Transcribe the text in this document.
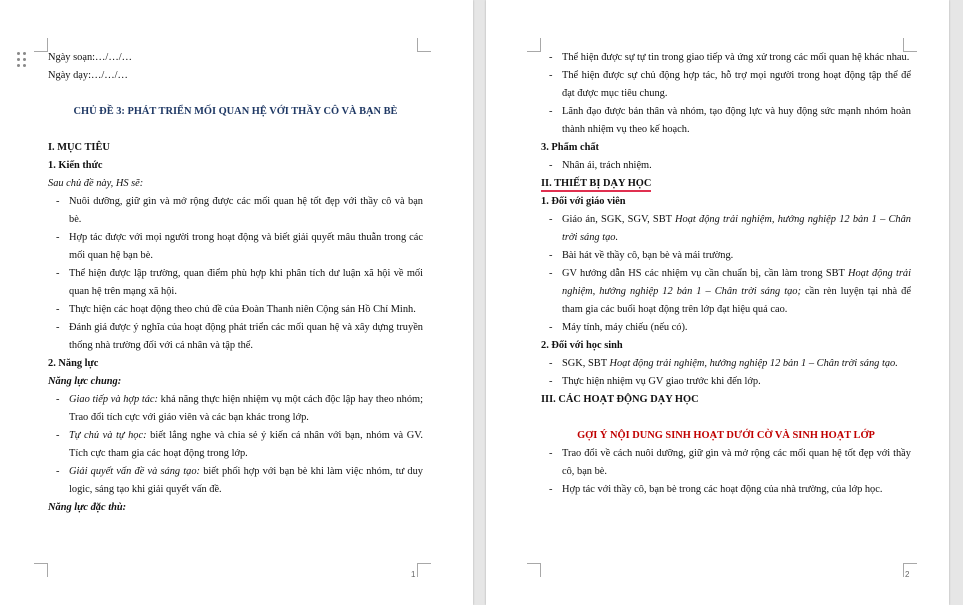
Ngày soạn:…/…/…
Ngày dạy:…/…/…
CHỦ ĐỀ 3: PHÁT TRIỂN MỐI QUAN HỆ VỚI THẦY CÔ VÀ BẠN BÈ
I. MỤC TIÊU
1. Kiến thức
Sau chủ đề này, HS sẽ:
- Nuôi dưỡng, giữ gìn và mở rộng được các mối quan hệ tốt đẹp với thầy cô và bạn bè.
- Hợp tác được với mọi người trong hoạt động và biết giải quyết mâu thuẫn trong các mối quan hệ bạn bè.
- Thể hiện được lập trường, quan điểm phù hợp khi phân tích dư luận xã hội về mối quan hệ trên mạng xã hội.
- Thực hiện các hoạt động theo chủ đề của Đoàn Thanh niên Cộng sản Hồ Chí Minh.
- Đánh giá được ý nghĩa của hoạt động phát triển các mối quan hệ và xây dựng truyền thống nhà trường đối với cá nhân và tập thể.
2. Năng lực
Năng lực chung:
- Giao tiếp và hợp tác: khả năng thực hiện nhiệm vụ một cách độc lập hay theo nhóm; Trao đổi tích cực với giáo viên và các bạn khác trong lớp.
- Tự chủ và tự học: biết lắng nghe và chia sẻ ý kiến cá nhân với bạn, nhóm và GV. Tích cực tham gia các hoạt động trong lớp.
- Giải quyết vấn đề và sáng tạo: biết phối hợp với bạn bè khi làm việc nhóm, tư duy logic, sáng tạo khi giải quyết vấn đề.
Năng lực đặc thù:
1
- Thể hiện được sự tự tin trong giao tiếp và ứng xử trong các mối quan hệ khác nhau.
- Thể hiện được sự chủ động hợp tác, hỗ trợ mọi người trong hoạt động tập thể để đạt được mục tiêu chung.
- Lãnh đạo được bản thân và nhóm, tạo động lực và huy động sức mạnh nhóm hoàn thành nhiệm vụ theo kế hoạch.
3. Phẩm chất
- Nhân ái, trách nhiệm.
II. THIẾT BỊ DẠY HỌC
1. Đối với giáo viên
- Giáo án, SGK, SGV, SBT Hoạt động trải nghiệm, hướng nghiệp 12 bản 1 – Chân trời sáng tạo.
- Bài hát về thầy cô, bạn bè và mái trường.
- GV hướng dẫn HS các nhiệm vụ cần chuẩn bị, cần làm trong SBT Hoạt động trải nghiệm, hướng nghiệp 12 bản 1 – Chân trời sáng tạo; cần rèn luyện tại nhà để tham gia các buổi hoạt động trên lớp đạt hiệu quả cao.
- Máy tính, máy chiếu (nếu có).
2. Đối với học sinh
- SGK, SBT Hoạt động trải nghiệm, hướng nghiệp 12 bản 1 – Chân trời sáng tạo.
- Thực hiện nhiệm vụ GV giao trước khi đến lớp.
III. CÁC HOẠT ĐỘNG DẠY HỌC
GỢI Ý NỘI DUNG SINH HOẠT DƯỚI CỜ VÀ SINH HOẠT LỚP
- Trao đổi về cách nuôi dưỡng, giữ gìn và mở rộng các mối quan hệ tốt đẹp với thầy cô, bạn bè.
- Hợp tác với thầy cô, bạn bè trong các hoạt động của nhà trường, của lớp học.
2
